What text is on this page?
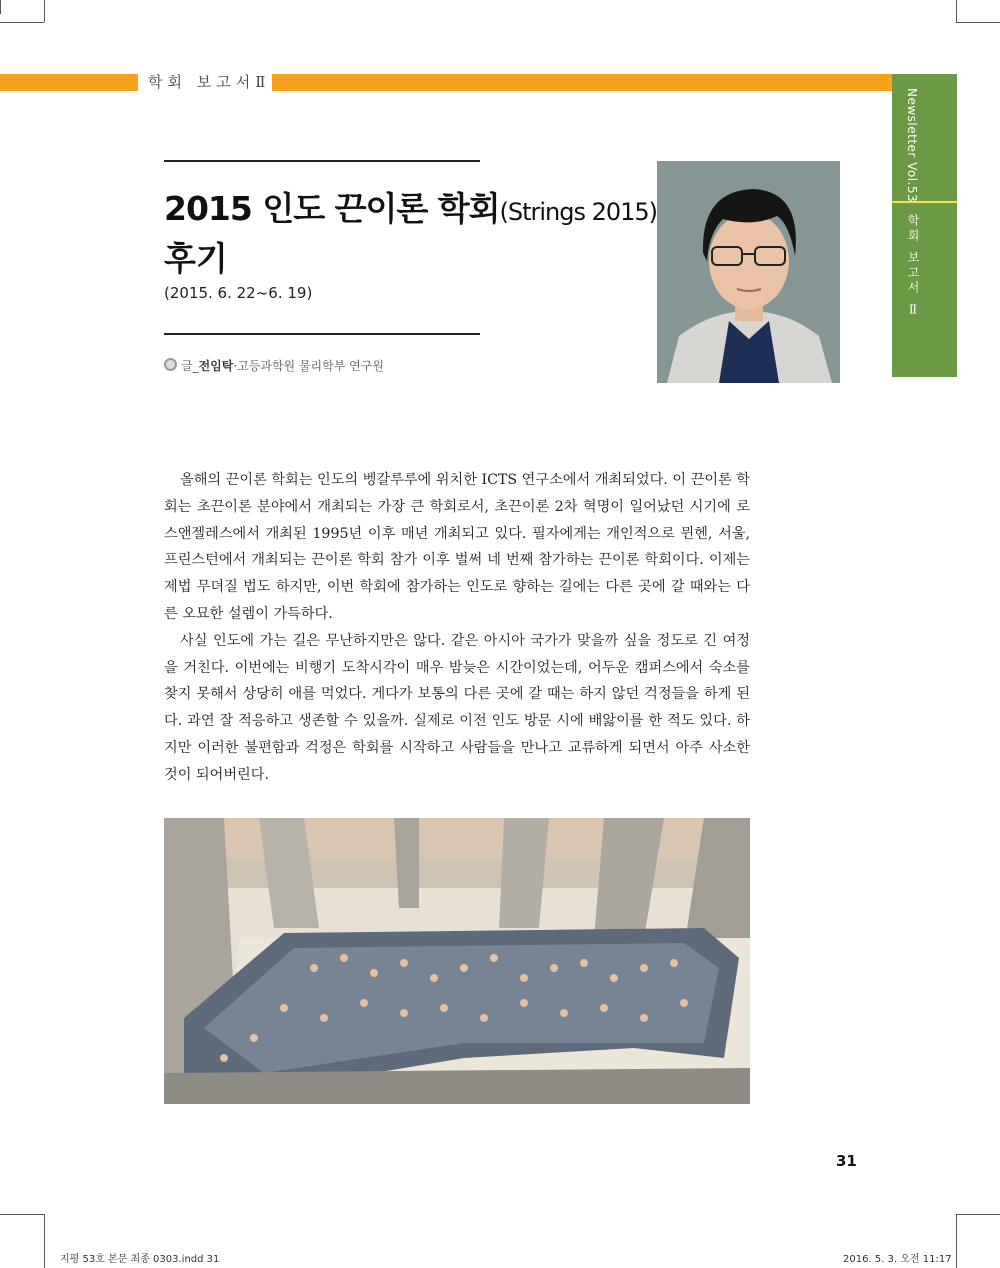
학회 보고서Ⅱ
Newsletter Vol.53
학회 보고서 Ⅱ
2015 인도 끈이론 학회(Strings 2015)
후기
(2015. 6. 22~6. 19)
글_전임탁·고등과학원 물리학부 연구원

올해의 끈이론 학회는 인도의 벵갈루루에 위치한 ICTS 연구소에서 개최되었다. 이 끈이론 학회는 초끈이론 분야에서 개최되는 가장 큰 학회로서, 초끈이론 2차 혁명이 일어났던 시기에 로스앤젤레스에서 개최된 1995년 이후 매년 개최되고 있다. 필자에게는 개인적으로 뮌헨, 서울, 프린스턴에서 개최되는 끈이론 학회 참가 이후 벌써 네 번째 참가하는 끈이론 학회이다. 이제는 제법 무뎌질 법도 하지만, 이번 학회에 참가하는 인도로 향하는 길에는 다른 곳에 갈 때와는 다른 오묘한 설렘이 가득하다.

사실 인도에 가는 길은 무난하지만은 않다. 같은 아시아 국가가 맞을까 싶을 정도로 긴 여정을 거친다. 이번에는 비행기 도착시각이 매우 밤늦은 시간이었는데, 어두운 캠퍼스에서 숙소를 찾지 못해서 상당히 애를 먹었다. 게다가 보통의 다른 곳에 갈 때는 하지 않던 걱정들을 하게 된다. 과연 잘 적응하고 생존할 수 있을까. 실제로 이전 인도 방문 시에 배앓이를 한 적도 있다. 하지만 이러한 불편함과 걱정은 학회를 시작하고 사람들을 만나고 교류하게 되면서 아주 사소한 것이 되어버린다.

31
지평 53호 본문 최종 0303.indd 31	2016. 5. 3. 오전 11:17
